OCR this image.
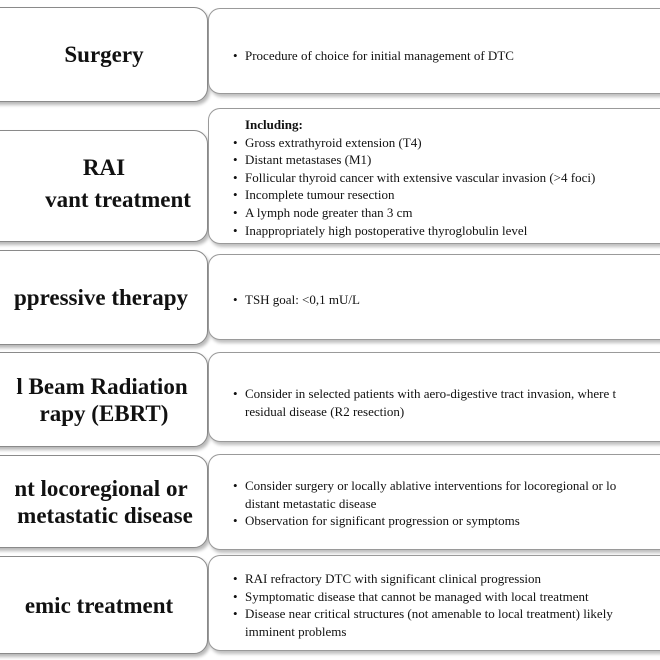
Surgery	• Procedure of choice for initial management of DTC
RAI
vant treatment
Including:
• Gross extrathyroid extension (T4)
• Distant metastases (M1)
• Follicular thyroid cancer with extensive vascular invasion (>4 foci)
• Incomplete tumour resection
• A lymph node greater than 3 cm
• Inappropriately high postoperative thyroglobulin level
ppressive therapy	• TSH goal: <0,1 mU/L
l Beam Radiation
rapy (EBRT)
• Consider in selected patients with aero-digestive tract invasion, where t
residual disease (R2 resection)
nt locoregional or
metastatic disease
• Consider surgery or locally ablative interventions for locoregional or lo
distant metastatic disease
• Observation for significant progression or symptoms
emic treatment
• RAI refractory DTC with significant clinical progression
• Symptomatic disease that cannot be managed with local treatment
• Disease near critical structures (not amenable to local treatment) likely
imminent problems
